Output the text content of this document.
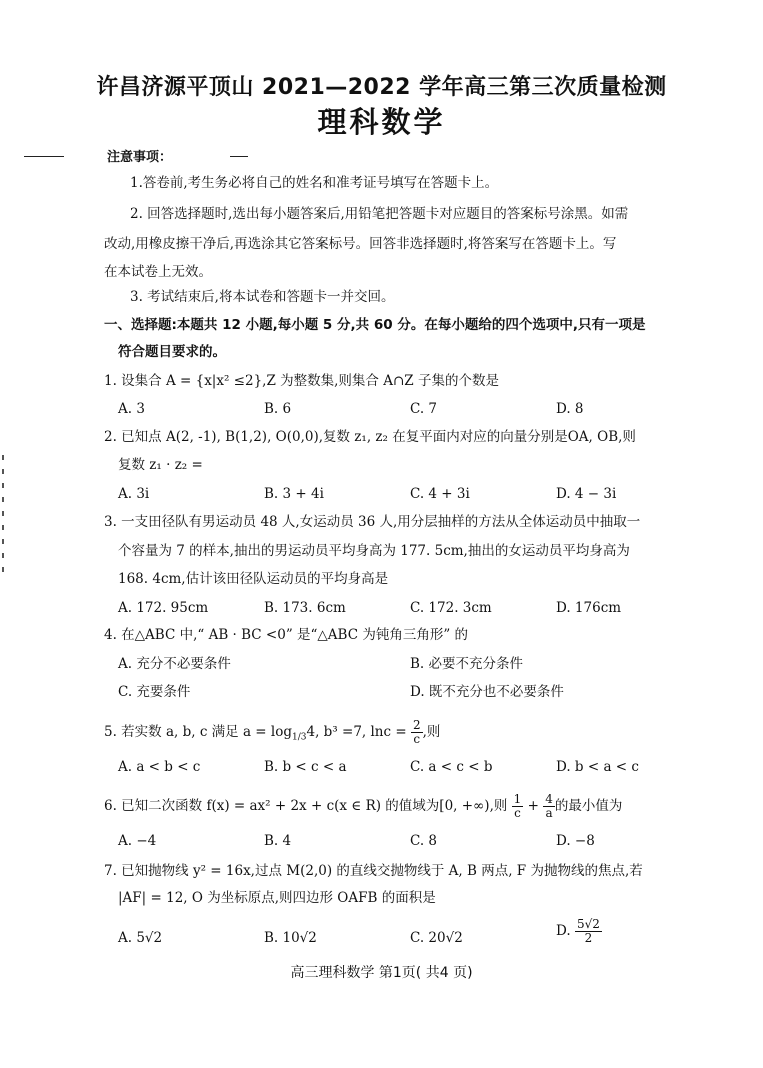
许昌济源平顶山 2021—2022 学年高三第三次质量检测
理科数学
注意事项：
1.答卷前,考生务必将自己的姓名和准考证号填写在答题卡上。
2. 回答选择题时,选出每小题答案后,用铅笔把答题卡对应题目的答案标号涂黑。如需
改动,用橡皮擦干净后,再选涂其它答案标号。回答非选择题时,将答案写在答题卡上。写
在本试卷上无效。
3. 考试结束后,将本试卷和答题卡一并交回。
一、选择题:本题共 12 小题,每小题 5 分,共 60 分。在每小题给的四个选项中,只有一项是
符合题目要求的。
1. 设集合 A = {x|x² ≤2},Z 为整数集,则集合 A∩Z 子集的个数是
A. 3	B. 6	C. 7	D. 8
2. 已知点 A(2, -1), B(1,2), O(0,0),复数 z₁, z₂ 在复平面内对应的向量分别是OA, OB,则
复数 z₁ · z₂ =
A. 3i	B. 3 + 4i	C. 4 + 3i	D. 4 − 3i
3. 一支田径队有男运动员 48 人,女运动员 36 人,用分层抽样的方法从全体运动员中抽取一
个容量为 7 的样本,抽出的男运动员平均身高为 177. 5cm,抽出的女运动员平均身高为
168. 4cm,估计该田径队运动员的平均身高是
A. 172. 95cm	B. 173. 6cm	C. 172. 3cm	D. 176cm
4. 在△ABC 中,“ AB · BC <0” 是“△ABC 为钝角三角形” 的
A. 充分不必要条件	B. 必要不充分条件
C. 充要条件	D. 既不充分也不必要条件
5. 若实数 a, b, c 满足 $a = \log_{1/3}4$, b³ =7, $\ln c = \frac{2}{c}$ ,则
A. a < b < c	B. b < c < a	C. a < c < b	D. b < a < c
6. 已知二次函数 f(x) = ax² + 2x + c(x ∈ R) 的值域为[0, +∞),则 $\frac{1}{c} + \frac{4}{a}$ 的最小值为
A. −4	B. 4	C. 8	D. −8
7. 已知抛物线 y² = 16x,过点 M(2,0) 的直线交抛物线于 A, B 两点, F 为抛物线的焦点,若
|AF| = 12, O 为坐标原点,则四边形 OAFB 的面积是
A. 5√2	B. 10√2	C. 20√2	D. $\frac{5√2}{2}$
高三理科数学 第1页( 共4 页)
